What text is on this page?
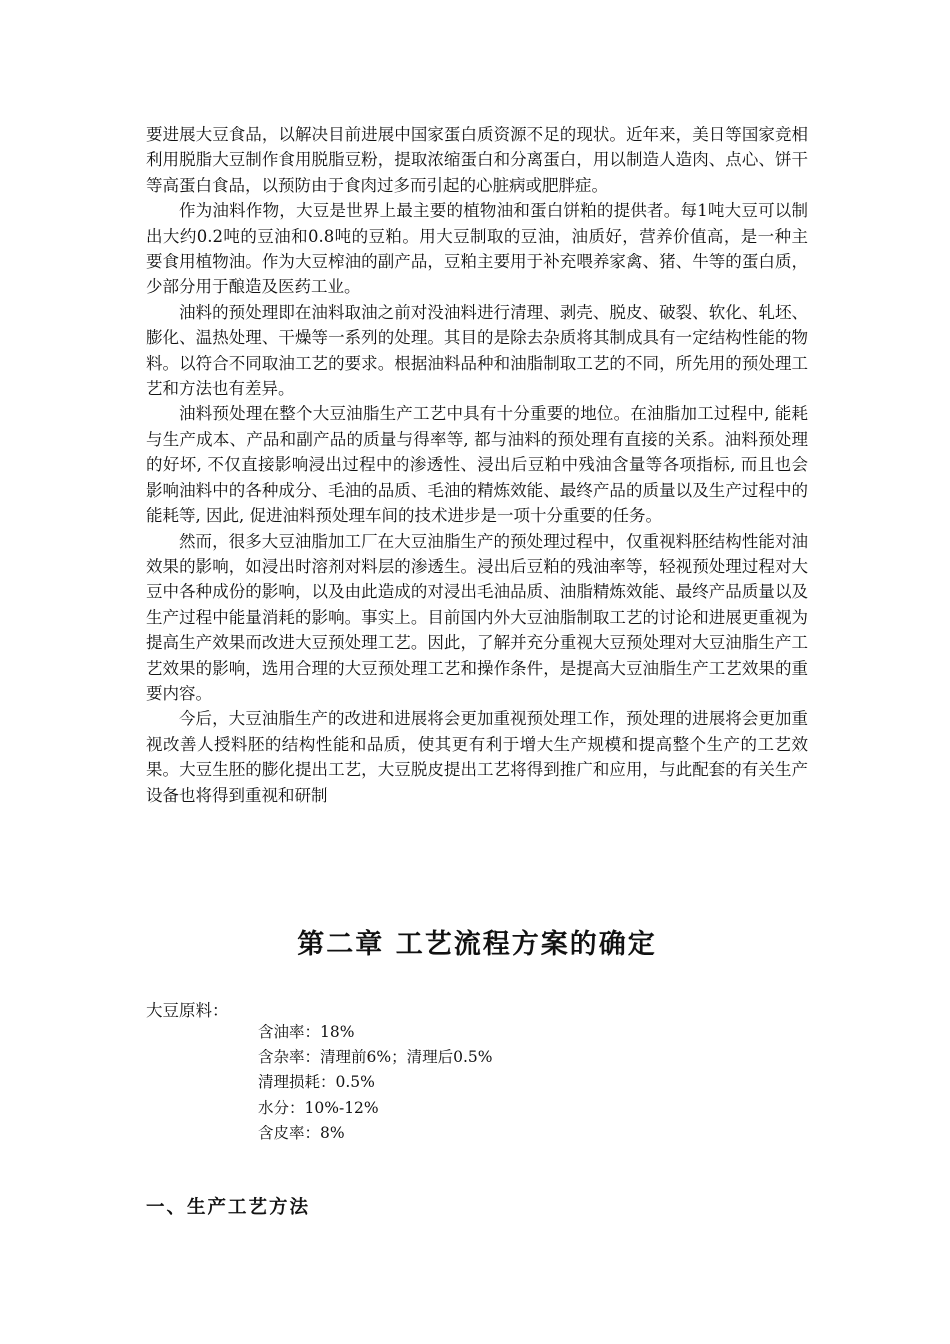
要进展大豆食品，以解决目前进展中国家蛋白质资源不足的现状。近年来，美日等国家竞相利用脱脂大豆制作食用脱脂豆粉，提取浓缩蛋白和分离蛋白，用以制造人造肉、点心、饼干等高蛋白食品，以预防由于食肉过多而引起的心脏病或肥胖症。

作为油料作物，大豆是世界上最主要的植物油和蛋白饼粕的提供者。每1吨大豆可以制出大约0.2吨的豆油和0.8吨的豆粕。用大豆制取的豆油，油质好，营养价值高，是一种主要食用植物油。作为大豆榨油的副产品，豆粕主要用于补充喂养家禽、猪、牛等的蛋白质，少部分用于酿造及医药工业。

油料的预处理即在油料取油之前对没油料进行清理、剥壳、脱皮、破裂、软化、轧坯、膨化、温热处理、干燥等一系列的处理。其目的是除去杂质将其制成具有一定结构性能的物料。以符合不同取油工艺的要求。根据油料品种和油脂制取工艺的不同，所先用的预处理工艺和方法也有差异。

油料预处理在整个大豆油脂生产工艺中具有十分重要的地位。在油脂加工过程中, 能耗与生产成本、产品和副产品的质量与得率等, 都与油料的预处理有直接的关系。油料预处理的好坏, 不仅直接影响浸出过程中的渗透性、浸出后豆粕中残油含量等各项指标, 而且也会影响油料中的各种成分、毛油的品质、毛油的精炼效能、最终产品的质量以及生产过程中的能耗等, 因此, 促进油料预处理车间的技术进步是一项十分重要的任务。

然而，很多大豆油脂加工厂在大豆油脂生产的预处理过程中，仅重视料胚结构性能对油效果的影响，如浸出时溶剂对料层的渗透生。浸出后豆粕的残油率等，轻视预处理过程对大豆中各种成份的影响，以及由此造成的对浸出毛油品质、油脂精炼效能、最终产品质量以及生产过程中能量消耗的影响。事实上。目前国内外大豆油脂制取工艺的讨论和进展更重视为提高生产效果而改进大豆预处理工艺。因此，了解并充分重视大豆预处理对大豆油脂生产工艺效果的影响，选用合理的大豆预处理工艺和操作条件，是提高大豆油脂生产工艺效果的重要内容。

今后，大豆油脂生产的改进和进展将会更加重视预处理工作，预处理的进展将会更加重视改善人授料胚的结构性能和品质，使其更有利于增大生产规模和提高整个生产的工艺效果。大豆生胚的膨化提出工艺，大豆脱皮提出工艺将得到推广和应用，与此配套的有关生产设备也将得到重视和研制

第二章 工艺流程方案的确定

大豆原料：

含油率：18%
含杂率：清理前6%；清理后0.5%
清理损耗：0.5%
水分：10%-12%
含皮率：8%
一、生产工艺方法
